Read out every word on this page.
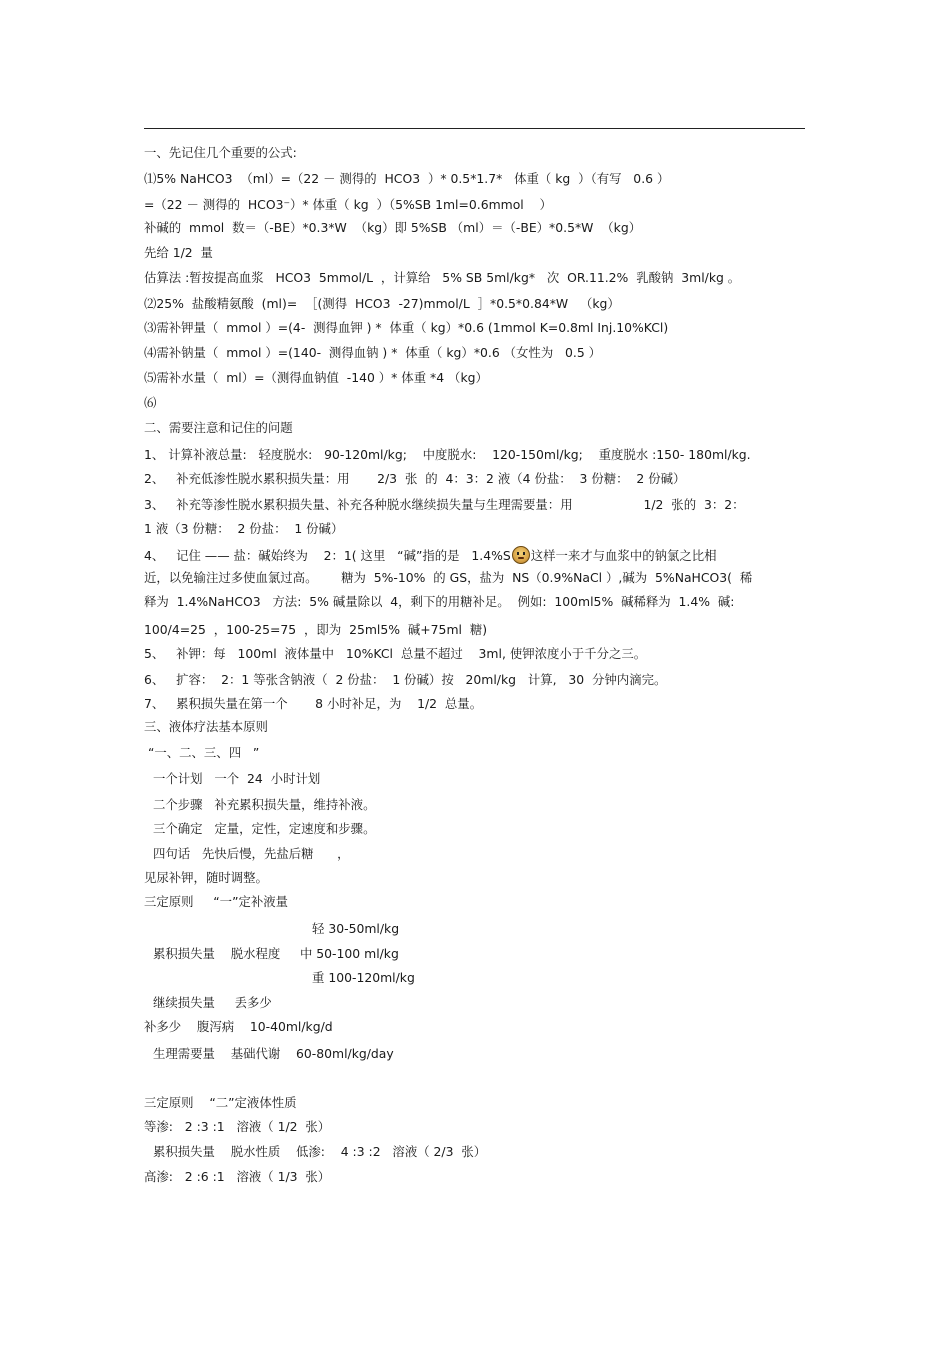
一、先记住几个重要的公式:
⑴5% NaHCO3  （ml）=（22 － 测得的  HCO3  ）* 0.5*1.7*   体重（ kg  ）（有写   0.6 ）
=（22 － 测得的  HCO3⁻）* 体重（ kg  ）（5%SB 1ml=0.6mmol    ）
补碱的  mmol  数＝（-BE）*0.3*W  （kg）即 5%SB （ml）＝（-BE）*0.5*W  （kg）
先给 1/2  量
估算法 :暂按提高血浆   HCO3  5mmol/L  ，计算给   5% SB 5ml/kg*   次  OR.11.2%  乳酸钠  3ml/kg 。
⑵25%  盐酸精氨酸  (ml)=  ［(测得  HCO3  -27)mmol/L  ］*0.5*0.84*W   （kg）
⑶需补钾量（  mmol ）=(4-  测得血钾 ) *  体重（ kg）*0.6 (1mmol K=0.8ml Inj.10%KCl)
⑷需补钠量（  mmol ）=(140-  测得血钠 ) *  体重（ kg）*0.6 （女性为   0.5 ）
⑸需补水量（  ml）=（测得血钠值  -140 ）* 体重 *4 （kg）
⑹
二、需要注意和记住的问题
1、 计算补液总量:   轻度脱水:   90-120ml/kg;    中度脱水:    120-150ml/kg;    重度脱水 :150- 180ml/kg.
2、   补充低渗性脱水累积损失量：用       2/3  张  的  4：3：2 液（4 份盐：  3 份糖：  2 份碱）
3、   补充等渗性脱水累积损失量、补充各种脱水继续损失量与生理需要量：用                  1/2  张的  3：2：
1 液（3 份糖：  2 份盐：  1 份碱）
4、   记住 —— 盐：碱始终为    2：1( 这里   “碱”指的是   1.4%S 这样一来才与血浆中的钠氯之比相
近，以免输注过多使血氯过高。      糖为  5%-10%  的 GS，盐为  NS（0.9%NaCl ）,碱为  5%NaHCO3(  稀
释为  1.4%NaHCO3   方法:  5% 碱量除以  4，剩下的用糖补足。  例如:  100ml5%  碱稀释为  1.4%  碱:
100/4=25  ，100-25=75  ，即为  25ml5%  碱+75ml  糖)
5、   补钾：每   100ml  液体量中   10%KCl  总量不超过    3ml, 使钾浓度小于千分之三。
6、   扩容：  2：1 等张含钠液（  2 份盐：  1 份碱）按   20ml/kg   计算,   30  分钟内滴完。
7、   累积损失量在第一个       8 小时补足，为    1/2  总量。
三、液体疗法基本原则
“一、二、三、四   ”
一个计划   一个  24  小时计划
二个步骤   补充累积损失量，维持补液。
三个确定   定量，定性，定速度和步骤。
四句话   先快后慢，先盐后糖      ，
见尿补钾，随时调整。
三定原则     “一”定补液量
轻 30-50ml/kg
累积损失量    脱水程度     中 50-100 ml/kg
重 100-120ml/kg
继续损失量     丢多少
补多少    腹泻病    10-40ml/kg/d
生理需要量    基础代谢    60-80ml/kg/day
三定原则    “二”定液体性质
等渗:   2 :3 :1   溶液（ 1/2  张）
累积损失量    脱水性质    低渗:    4 :3 :2   溶液（ 2/3  张）
高渗:   2 :6 :1   溶液（ 1/3  张）
